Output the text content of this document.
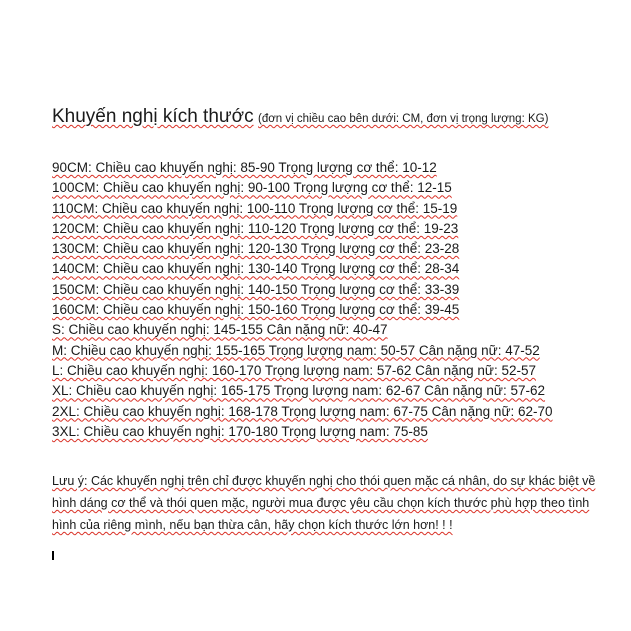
Khuyến nghị kích thước (đơn vị chiều cao bên dưới: CM, đơn vị trọng lượng: KG)
90CM: Chiều cao khuyến nghị: 85-90 Trọng lượng cơ thể: 10-12
100CM: Chiều cao khuyến nghị: 90-100 Trọng lượng cơ thể: 12-15
110CM: Chiều cao khuyến nghị: 100-110 Trọng lượng cơ thể: 15-19
120CM: Chiều cao khuyến nghị: 110-120 Trọng lượng cơ thể: 19-23
130CM: Chiều cao khuyến nghị: 120-130 Trọng lượng cơ thể: 23-28
140CM: Chiều cao khuyến nghị: 130-140 Trọng lượng cơ thể: 28-34
150CM: Chiều cao khuyến nghị: 140-150 Trọng lượng cơ thể: 33-39
160CM: Chiều cao khuyến nghị: 150-160 Trọng lượng cơ thể: 39-45
S: Chiều cao khuyến nghị: 145-155 Cân nặng nữ: 40-47
M: Chiều cao khuyến nghị: 155-165 Trọng lượng nam: 50-57 Cân nặng nữ: 47-52
L: Chiều cao khuyến nghị: 160-170 Trọng lượng nam: 57-62 Cân nặng nữ: 52-57
XL: Chiều cao khuyến nghị: 165-175 Trọng lượng nam: 62-67 Cân nặng nữ: 57-62
2XL: Chiều cao khuyến nghị: 168-178 Trọng lượng nam: 67-75 Cân nặng nữ: 62-70
3XL: Chiều cao khuyến nghị: 170-180 Trọng lượng nam: 75-85
Lưu ý: Các khuyến nghị trên chỉ được khuyến nghị cho thói quen mặc cá nhân, do sự khác biệt về hình dáng cơ thể và thói quen mặc, người mua được yêu cầu chọn kích thước phù hợp theo tình hình của riêng mình, nếu bạn thừa cân, hãy chọn kích thước lớn hơn! ! !
